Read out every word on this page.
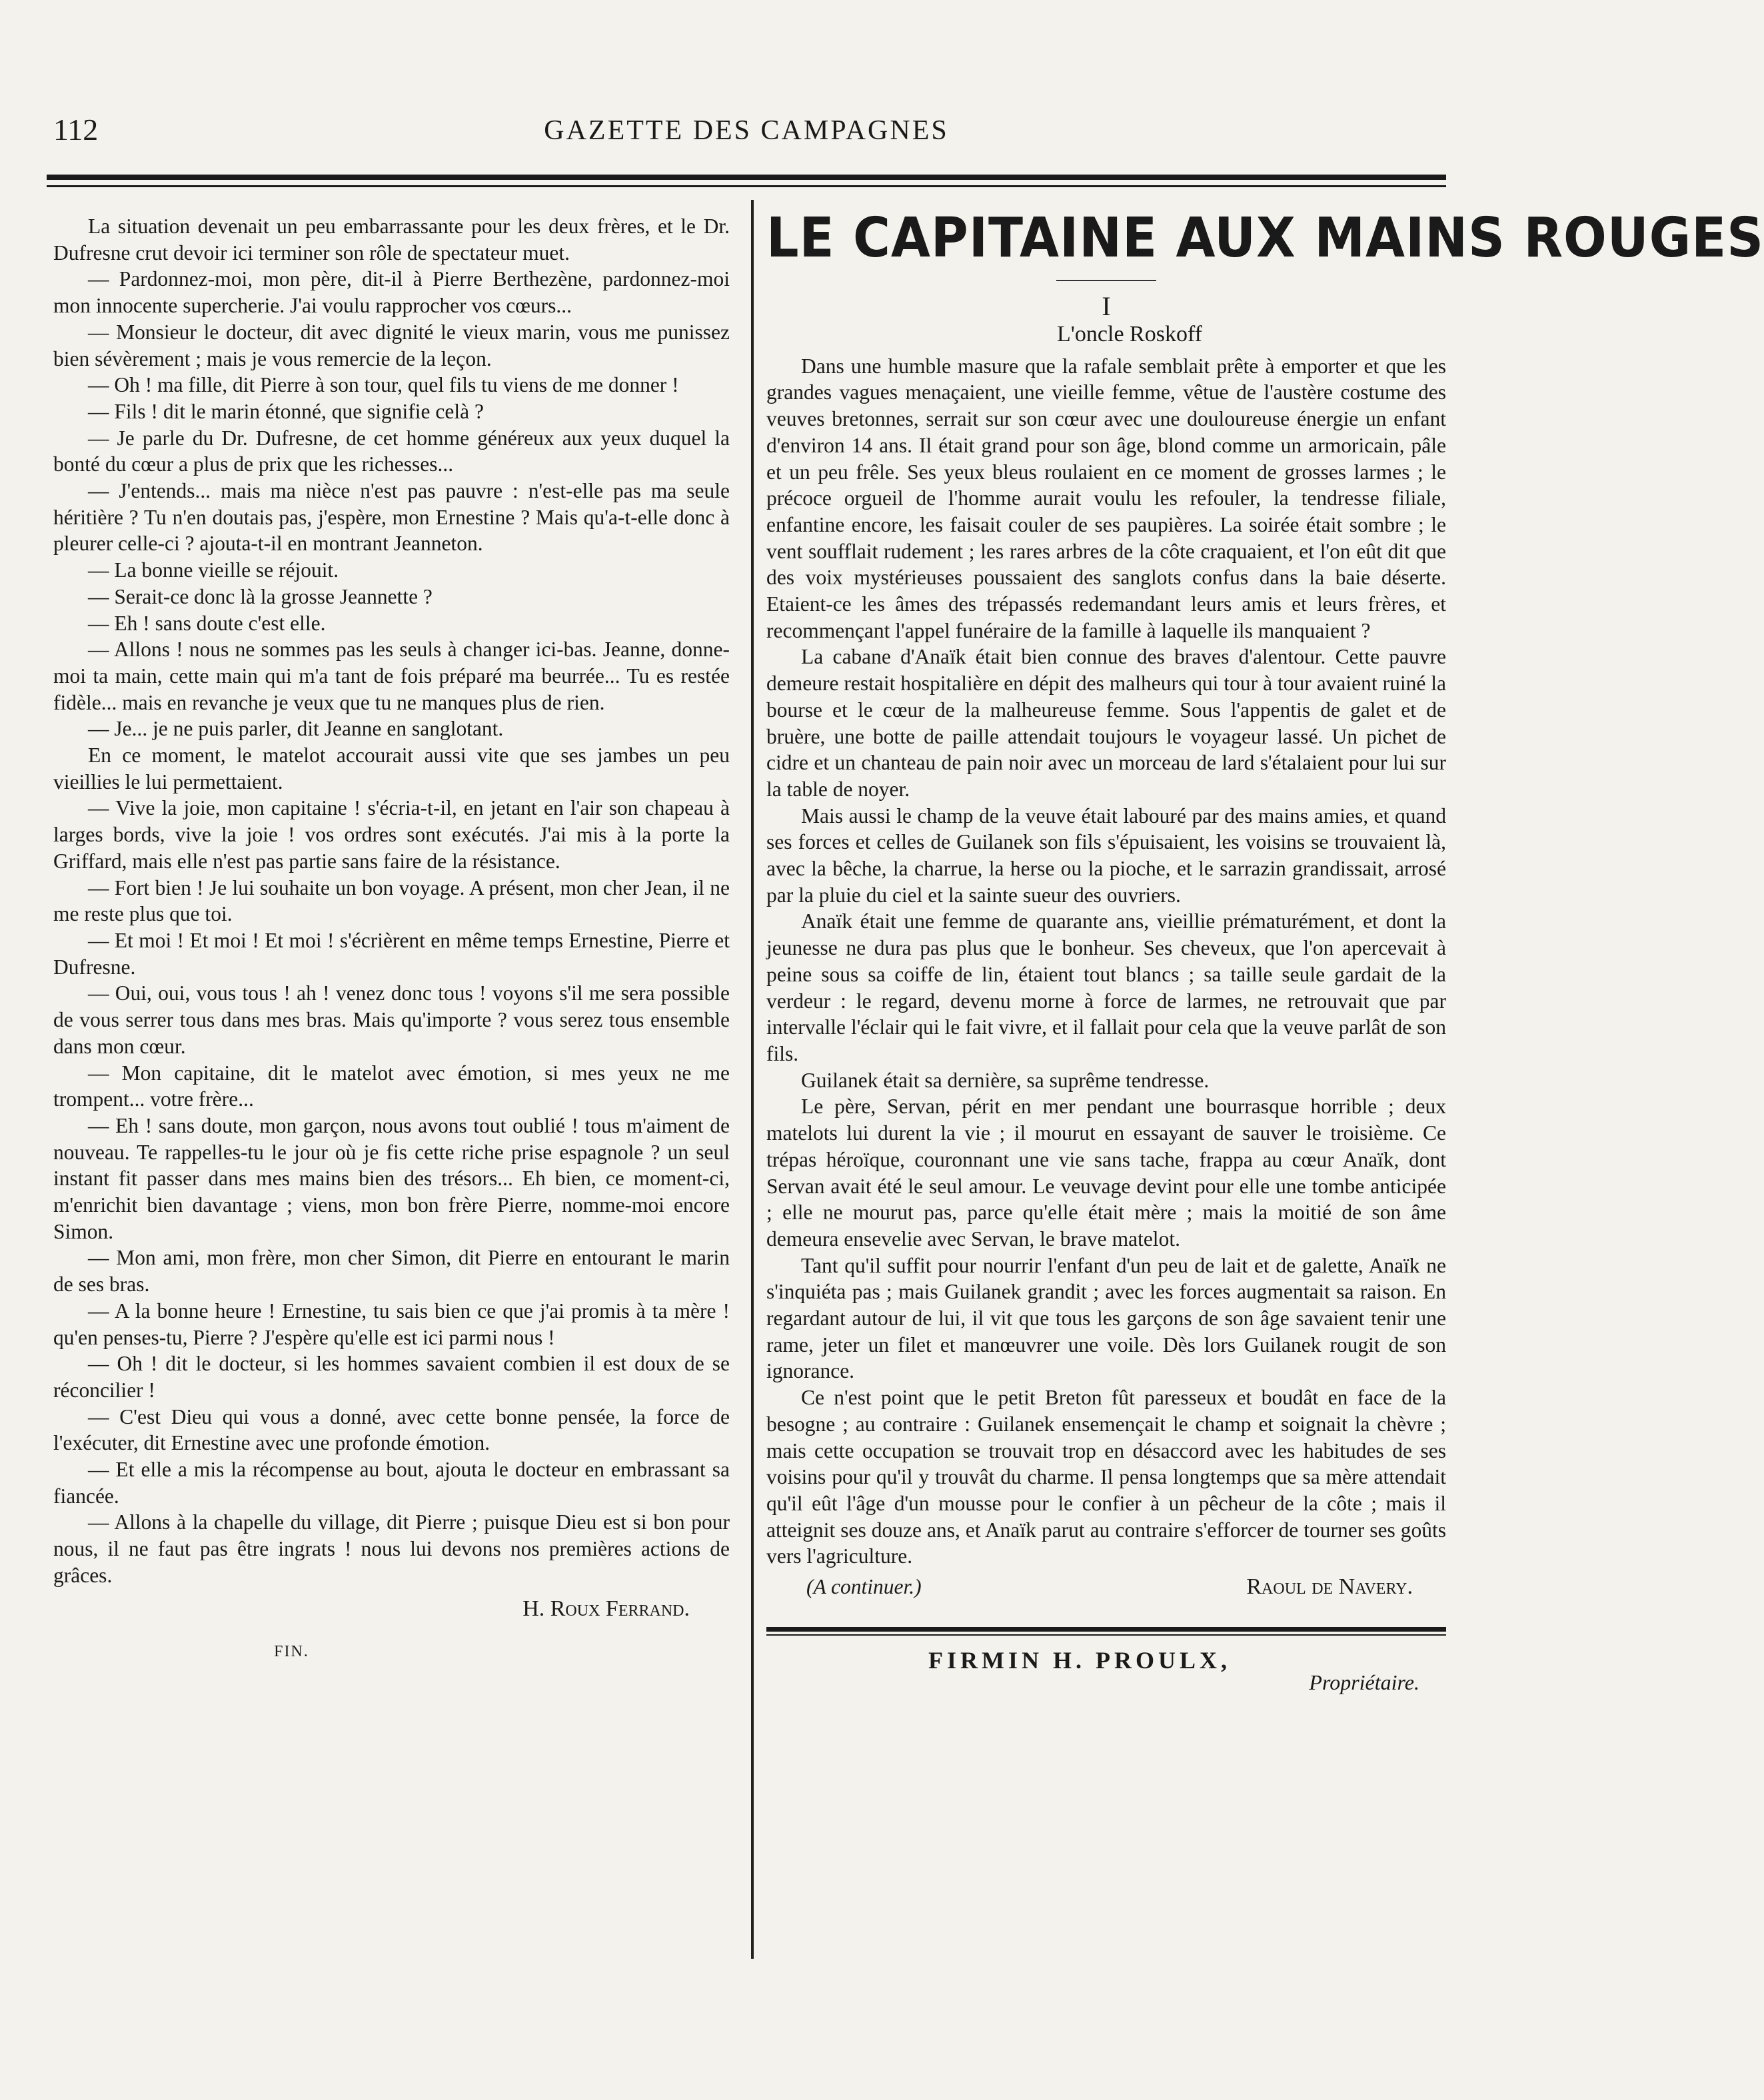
112	GAZETTE DES CAMPAGNES

La situation devenait un peu embarrassante pour les deux frères, et le Dr. Dufresne crut devoir ici terminer son rôle de spectateur muet.

— Pardonnez-moi, mon père, dit-il à Pierre Berthezène, pardonnez-moi mon innocente supercherie. J'ai voulu rapprocher vos cœurs...

— Monsieur le docteur, dit avec dignité le vieux marin, vous me punissez bien sévèrement ; mais je vous remercie de la leçon.

— Oh ! ma fille, dit Pierre à son tour, quel fils tu viens de me donner !

— Fils ! dit le marin étonné, que signifie celà ?

— Je parle du Dr. Dufresne, de cet homme généreux aux yeux duquel la bonté du cœur a plus de prix que les richesses...

— J'entends... mais ma nièce n'est pas pauvre : n'est-elle pas ma seule héritière ? Tu n'en doutais pas, j'espère, mon Ernestine ? Mais qu'a-t-elle donc à pleurer celle-ci ? ajouta-t-il en montrant Jeanneton.

— La bonne vieille se réjouit.

— Serait-ce donc là la grosse Jeannette ?

— Eh ! sans doute c'est elle.

— Allons ! nous ne sommes pas les seuls à changer ici-bas. Jeanne, donne-moi ta main, cette main qui m'a tant de fois préparé ma beurrée... Tu es restée fidèle... mais en revanche je veux que tu ne manques plus de rien.

— Je... je ne puis parler, dit Jeanne en sanglotant.

En ce moment, le matelot accourait aussi vite que ses jambes un peu vieillies le lui permettaient.

— Vive la joie, mon capitaine ! s'écria-t-il, en jetant en l'air son chapeau à larges bords, vive la joie ! vos ordres sont exécutés. J'ai mis à la porte la Griffard, mais elle n'est pas partie sans faire de la résistance.

— Fort bien ! Je lui souhaite un bon voyage. A présent, mon cher Jean, il ne me reste plus que toi.

— Et moi ! Et moi ! Et moi ! s'écrièrent en même temps Ernestine, Pierre et Dufresne.

— Oui, oui, vous tous ! ah ! venez donc tous ! voyons s'il me sera possible de vous serrer tous dans mes bras. Mais qu'importe ? vous serez tous ensemble dans mon cœur.

— Mon capitaine, dit le matelot avec émotion, si mes yeux ne me trompent... votre frère...

— Eh ! sans doute, mon garçon, nous avons tout oublié ! tous m'aiment de nouveau. Te rappelles-tu le jour où je fis cette riche prise espagnole ? un seul instant fit passer dans mes mains bien des trésors... Eh bien, ce moment-ci, m'enrichit bien davantage ; viens, mon bon frère Pierre, nomme-moi encore Simon.

— Mon ami, mon frère, mon cher Simon, dit Pierre en entourant le marin de ses bras.

— A la bonne heure ! Ernestine, tu sais bien ce que j'ai promis à ta mère ! qu'en penses-tu, Pierre ? J'espère qu'elle est ici parmi nous !

— Oh ! dit le docteur, si les hommes savaient combien il est doux de se réconcilier !

— C'est Dieu qui vous a donné, avec cette bonne pensée, la force de l'exécuter, dit Ernestine avec une profonde émotion.

— Et elle a mis la récompense au bout, ajouta le docteur en embrassant sa fiancée.

— Allons à la chapelle du village, dit Pierre ; puisque Dieu est si bon pour nous, il ne faut pas être ingrats ! nous lui devons nos premières actions de grâces.

H. Roux Ferrand.
FIN.
LE CAPITAINE AUX MAINS ROUGES
I
L'oncle Roskoff

Dans une humble masure que la rafale semblait prête à emporter et que les grandes vagues menaçaient, une vieille femme, vêtue de l'austère costume des veuves bretonnes, serrait sur son cœur avec une douloureuse énergie un enfant d'environ 14 ans. Il était grand pour son âge, blond comme un armoricain, pâle et un peu frêle. Ses yeux bleus roulaient en ce moment de grosses larmes ; le précoce orgueil de l'homme aurait voulu les refouler, la tendresse filiale, enfantine encore, les faisait couler de ses paupières. La soirée était sombre ; le vent soufflait rudement ; les rares arbres de la côte craquaient, et l'on eût dit que des voix mystérieuses poussaient des sanglots confus dans la baie déserte. Etaient-ce les âmes des trépassés redemandant leurs amis et leurs frères, et recommençant l'appel funéraire de la famille à laquelle ils manquaient ?

La cabane d'Anaïk était bien connue des braves d'alentour. Cette pauvre demeure restait hospitalière en dépit des malheurs qui tour à tour avaient ruiné la bourse et le cœur de la malheureuse femme. Sous l'appentis de galet et de bruère, une botte de paille attendait toujours le voyageur lassé. Un pichet de cidre et un chanteau de pain noir avec un morceau de lard s'étalaient pour lui sur la table de noyer.

Mais aussi le champ de la veuve était labouré par des mains amies, et quand ses forces et celles de Guilanek son fils s'épuisaient, les voisins se trouvaient là, avec la bêche, la charrue, la herse ou la pioche, et le sarrazin grandissait, arrosé par la pluie du ciel et la sainte sueur des ouvriers.

Anaïk était une femme de quarante ans, vieillie prématurément, et dont la jeunesse ne dura pas plus que le bonheur. Ses cheveux, que l'on apercevait à peine sous sa coiffe de lin, étaient tout blancs ; sa taille seule gardait de la verdeur : le regard, devenu morne à force de larmes, ne retrouvait que par intervalle l'éclair qui le fait vivre, et il fallait pour cela que la veuve parlât de son fils.

Guilanek était sa dernière, sa suprême tendresse.

Le père, Servan, périt en mer pendant une bourrasque horrible ; deux matelots lui durent la vie ; il mourut en essayant de sauver le troisième. Ce trépas héroïque, couronnant une vie sans tache, frappa au cœur Anaïk, dont Servan avait été le seul amour. Le veuvage devint pour elle une tombe anticipée ; elle ne mourut pas, parce qu'elle était mère ; mais la moitié de son âme demeura ensevelie avec Servan, le brave matelot.

Tant qu'il suffit pour nourrir l'enfant d'un peu de lait et de galette, Anaïk ne s'inquiéta pas ; mais Guilanek grandit ; avec les forces augmentait sa raison. En regardant autour de lui, il vit que tous les garçons de son âge savaient tenir une rame, jeter un filet et manœuvrer une voile. Dès lors Guilanek rougit de son ignorance.

Ce n'est point que le petit Breton fût paresseux et boudât en face de la besogne ; au contraire : Guilanek ensemençait le champ et soignait la chèvre ; mais cette occupation se trouvait trop en désaccord avec les habitudes de ses voisins pour qu'il y trouvât du charme. Il pensa longtemps que sa mère attendait qu'il eût l'âge d'un mousse pour le confier à un pêcheur de la côte ; mais il atteignit ses douze ans, et Anaïk parut au contraire s'efforcer de tourner ses goûts vers l'agriculture.

(A continuer.)	Raoul de Navery.
FIRMIN H. PROULX,
Propriétaire.
